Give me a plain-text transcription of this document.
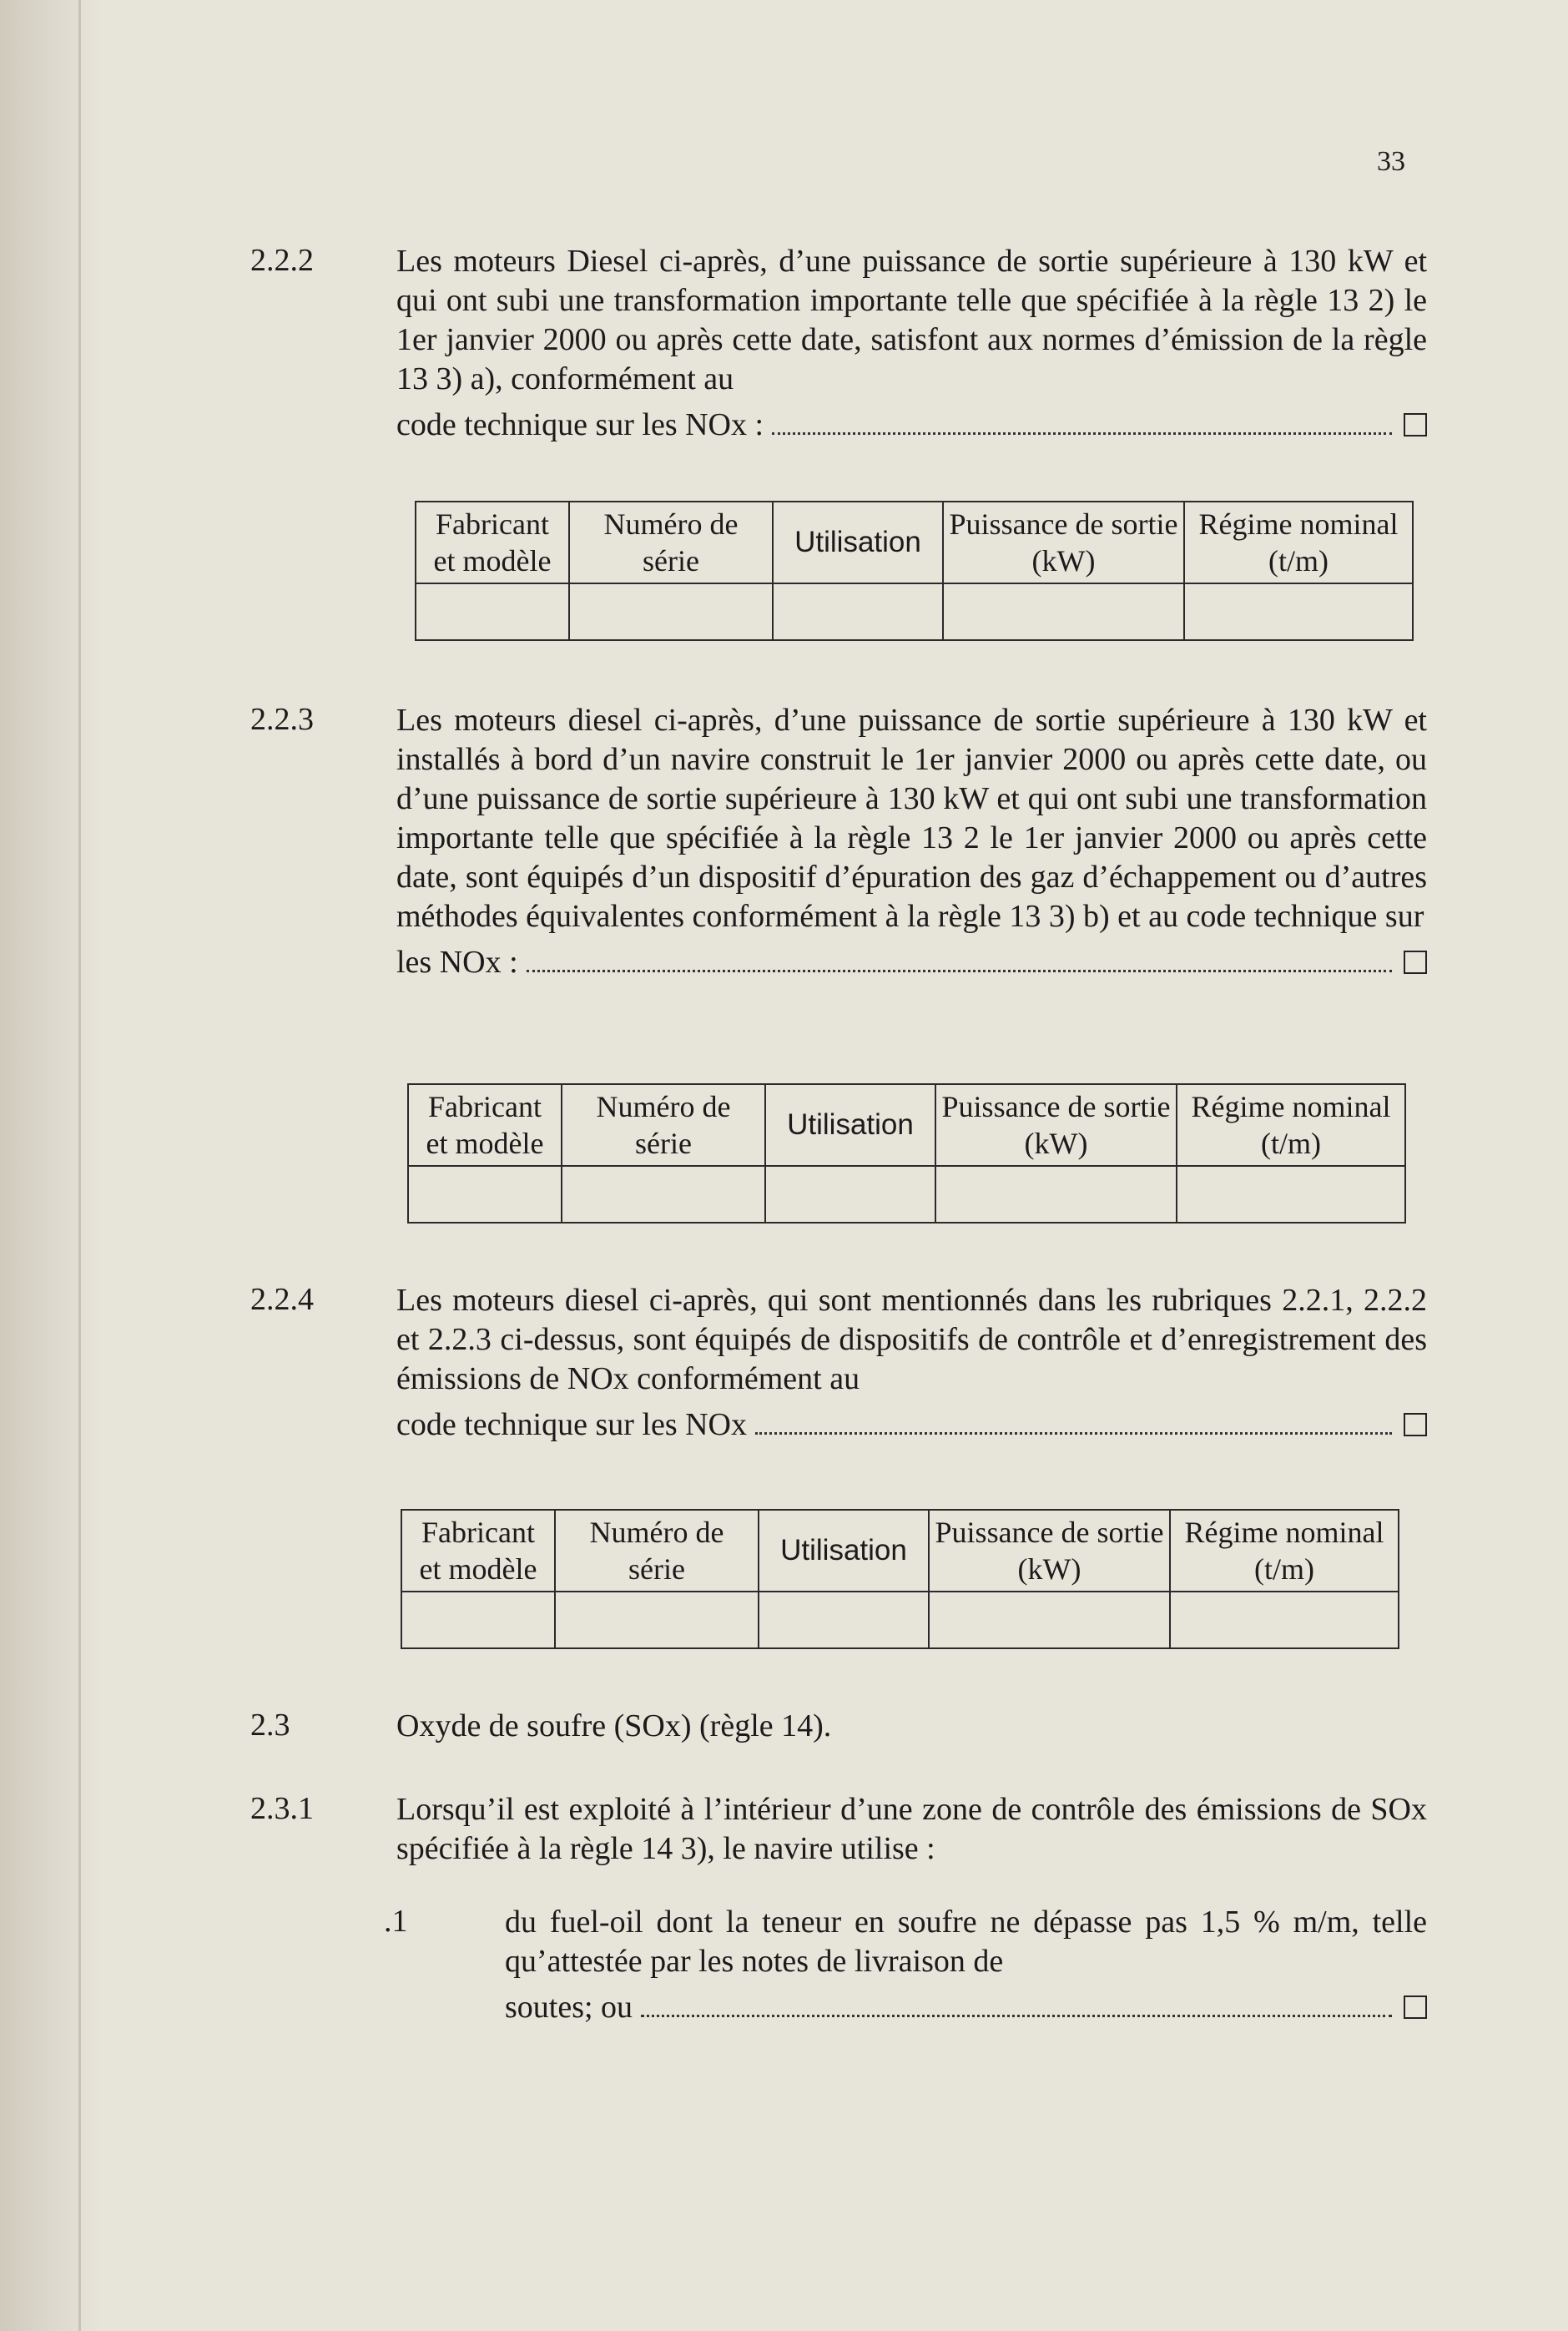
33
2.2.2	Les moteurs Diesel ci-après, d’une puissance de sortie supérieure à 130 kW et qui ont subi une transformation importante telle que spécifiée à la règle 13 2) le 1er janvier 2000 ou après cette date, satisfont aux normes d’émission de la règle 13 3) a), conformément au

code technique sur les NOx :
Fabricant et modèle	Numéro de série	Utilisation	Puissance de sortie (kW)	Régime nominal (t/m)

2.2.3	Les moteurs diesel ci-après, d’une puissance de sortie supérieure à 130 kW et installés à bord d’un navire construit le 1er janvier 2000 ou après cette date, ou d’une puissance de sortie supérieure à 130 kW et qui ont subi une transformation importante telle que spécifiée à la règle 13 2 le 1er janvier 2000 ou après cette date, sont équipés d’un dispositif d’épuration des gaz d’échappement ou d’autres méthodes équivalentes conformément à la règle 13 3) b) et au code technique sur

les NOx :
Fabricant et modèle	Numéro de série	Utilisation	Puissance de sortie (kW)	Régime nominal (t/m)

2.2.4	Les moteurs diesel ci-après, qui sont mentionnés dans les rubriques 2.2.1, 2.2.2 et 2.2.3 ci-dessus, sont équipés de dispositifs de contrôle et d’enregistrement des émissions de NOx conformément au

code technique sur les NOx
Fabricant et modèle	Numéro de série	Utilisation	Puissance de sortie (kW)	Régime nominal (t/m)

2.3	Oxyde de soufre (SOx) (règle 14).

2.3.1	Lorsqu’il est exploité à l’intérieur d’une zone de contrôle des émissions de SOx spécifiée à la règle 14 3), le navire utilise :

.1	du fuel-oil dont la teneur en soufre ne dépasse pas 1,5 % m/m, telle qu’attestée par les notes de livraison de

soutes; ou
